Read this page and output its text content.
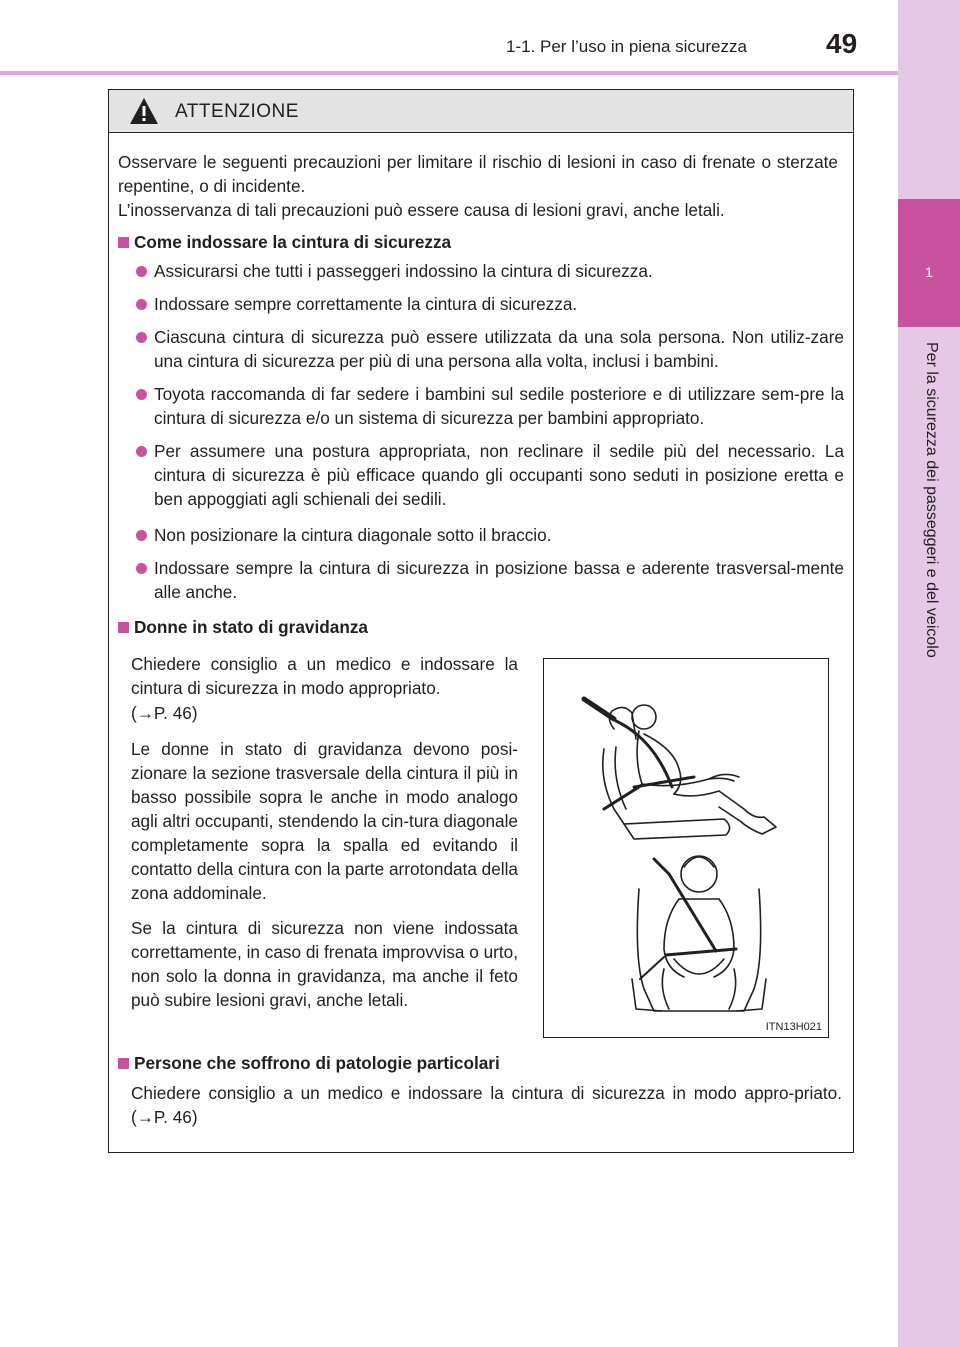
1-1. Per l’uso in piena sicurezza	49
1
Per la sicurezza dei passeggeri e del veicolo
ATTENZIONE
Osservare le seguenti precauzioni per limitare il rischio di lesioni in caso di frenate o sterzate repentine, o di incidente.
L’inosservanza di tali precauzioni può essere causa di lesioni gravi, anche letali.
Come indossare la cintura di sicurezza
Assicurarsi che tutti i passeggeri indossino la cintura di sicurezza.
Indossare sempre correttamente la cintura di sicurezza.
Ciascuna cintura di sicurezza può essere utilizzata da una sola persona. Non utiliz-zare una cintura di sicurezza per più di una persona alla volta, inclusi i bambini.
Toyota raccomanda di far sedere i bambini sul sedile posteriore e di utilizzare sem-pre la cintura di sicurezza e/o un sistema di sicurezza per bambini appropriato.
Per assumere una postura appropriata, non reclinare il sedile più del necessario. La cintura di sicurezza è più efficace quando gli occupanti sono seduti in posizione eretta e ben appoggiati agli schienali dei sedili.
Non posizionare la cintura diagonale sotto il braccio.
Indossare sempre la cintura di sicurezza in posizione bassa e aderente trasversal-mente alle anche.
Donne in stato di gravidanza
Chiedere consiglio a un medico e indossare la cintura di sicurezza in modo appropriato.
(→P. 46)
Le donne in stato di gravidanza devono posi-zionare la sezione trasversale della cintura il più in basso possibile sopra le anche in modo analogo agli altri occupanti, stendendo la cin-tura diagonale completamente sopra la spalla ed evitando il contatto della cintura con la parte arrotondata della zona addominale.
Se la cintura di sicurezza non viene indossata correttamente, in caso di frenata improvvisa o urto, non solo la donna in gravidanza, ma anche il feto può subire lesioni gravi, anche letali.
ITN13H021
Persone che soffrono di patologie particolari
Chiedere consiglio a un medico e indossare la cintura di sicurezza in modo appro-priato. (→P. 46)
